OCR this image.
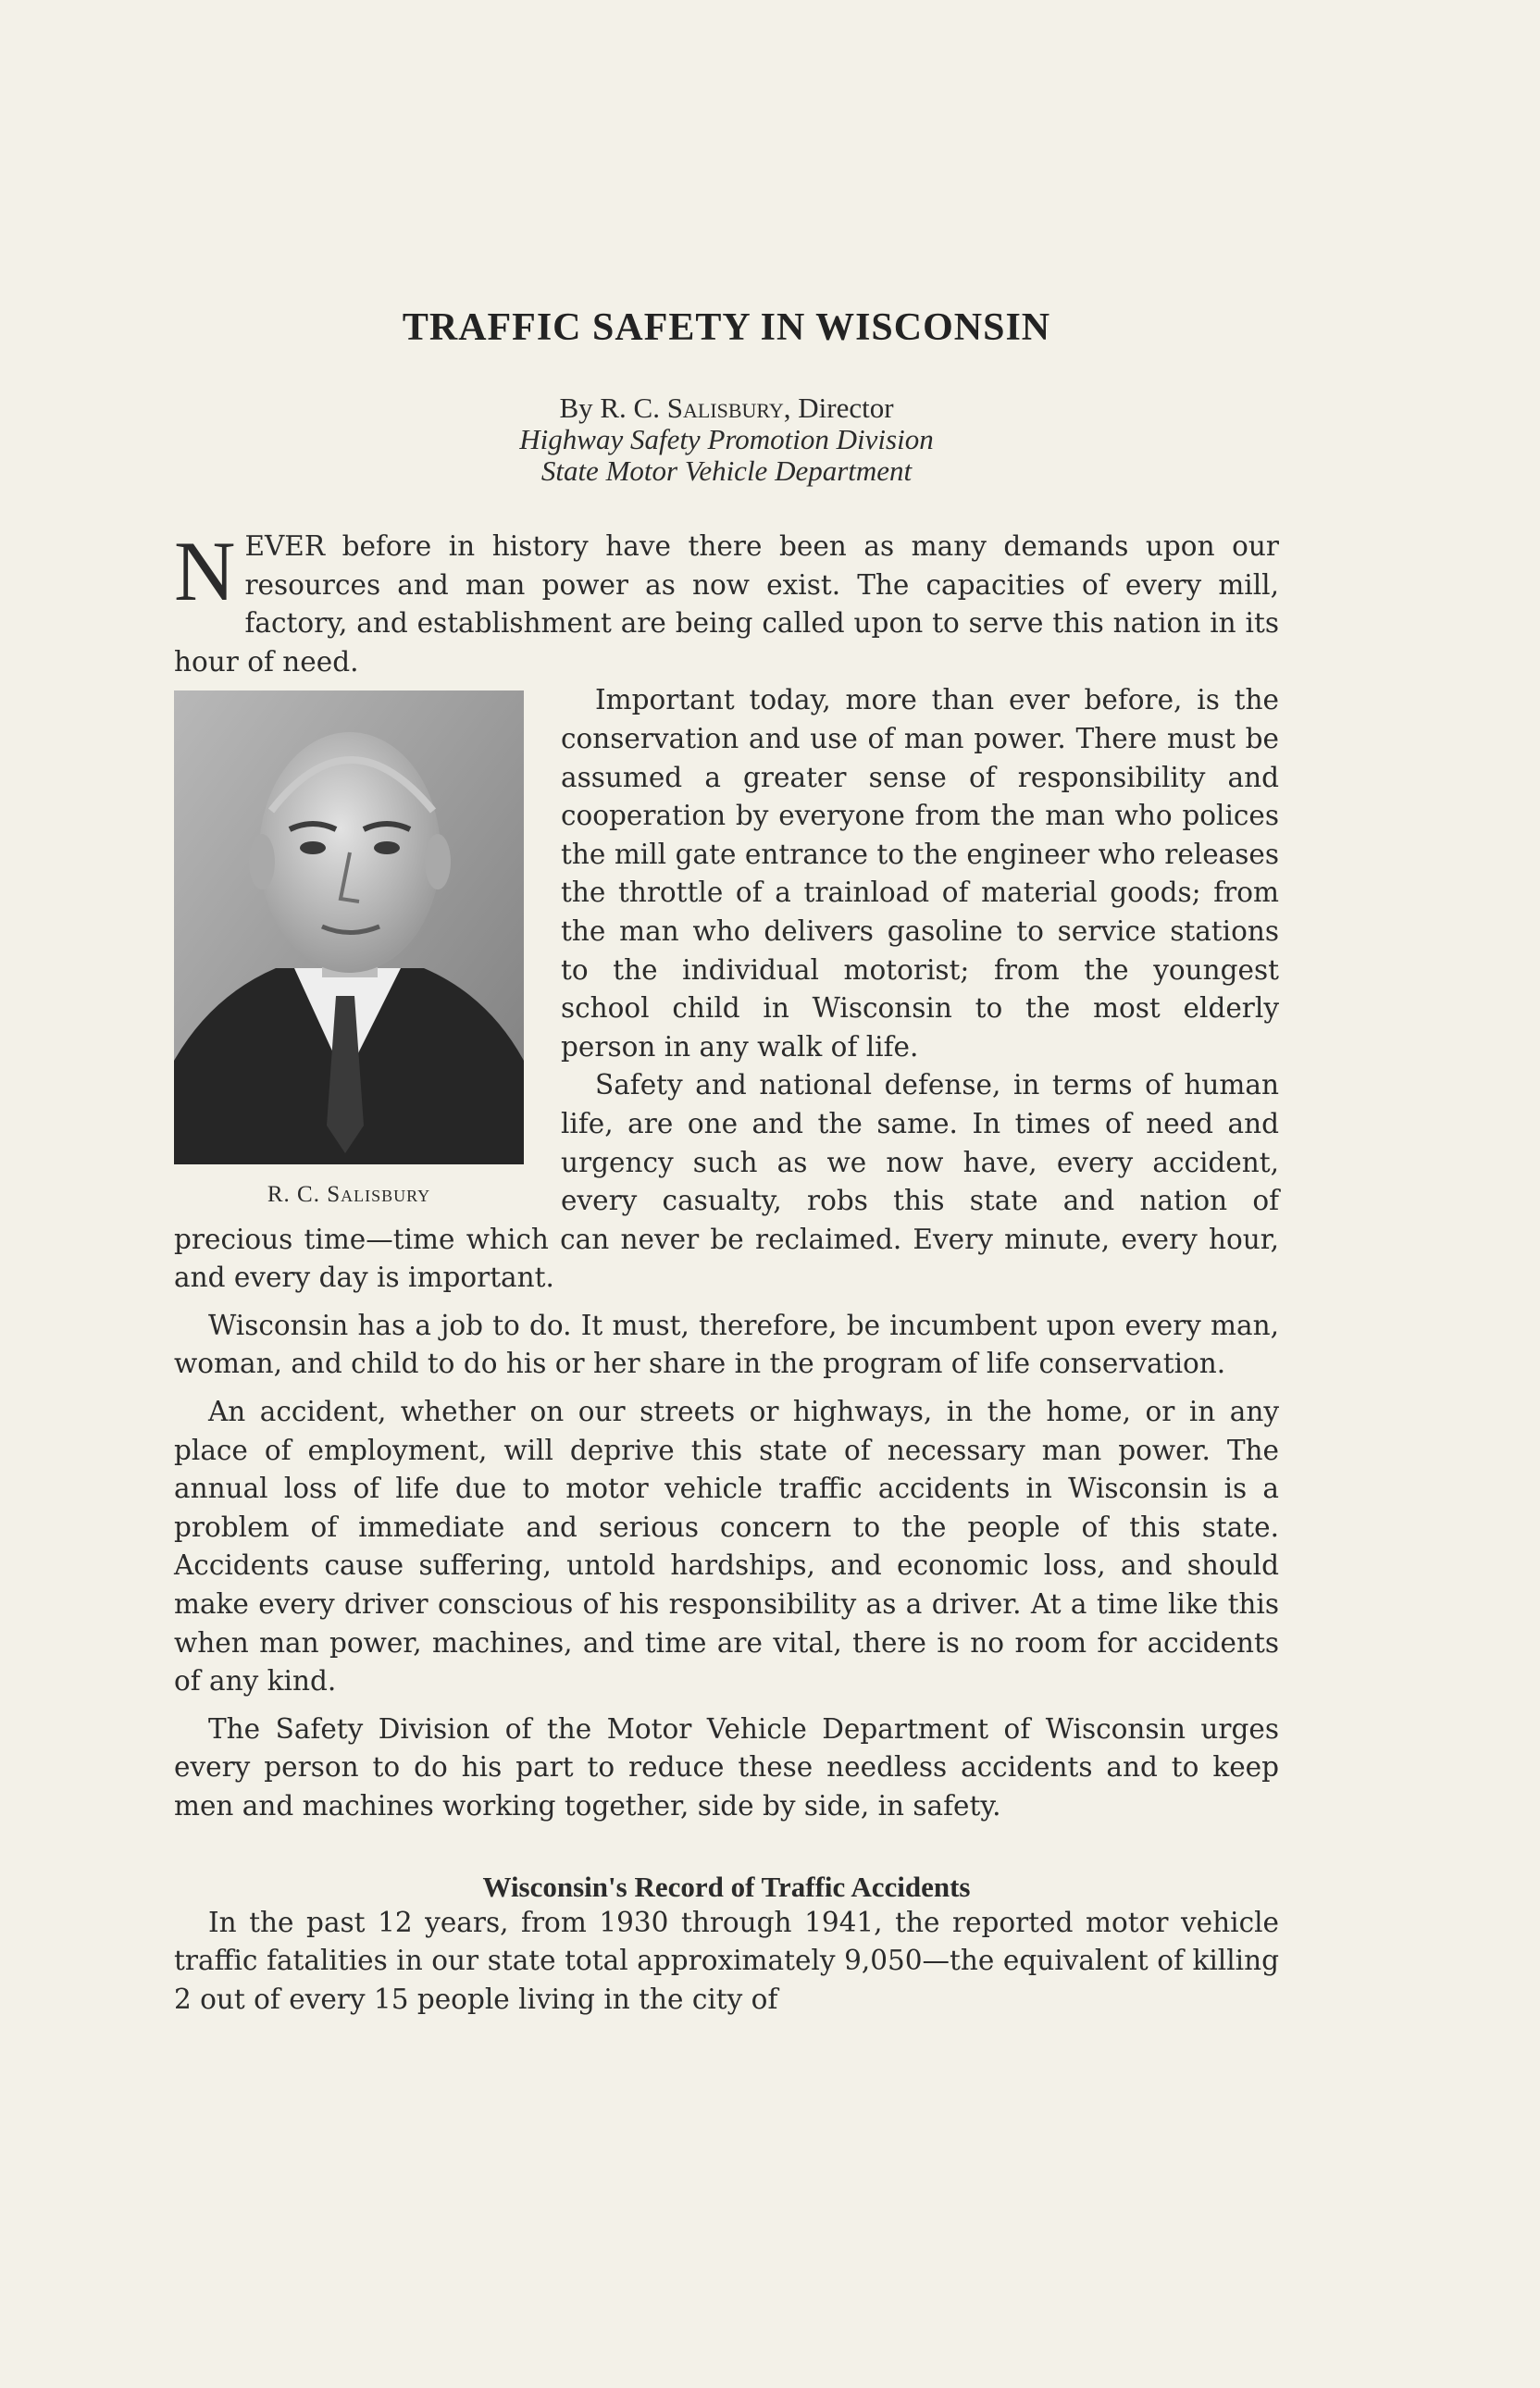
TRAFFIC SAFETY IN WISCONSIN
By R. C. Salisbury, Director
Highway Safety Promotion Division
State Motor Vehicle Department

NEVER before in history have there been as many demands upon our resources and man power as now exist. The capacities of every mill, factory, and establishment are being called upon to serve this nation in its hour of need.

R. C. Salisbury

Important today, more than ever before, is the conservation and use of man power. There must be assumed a greater sense of responsibility and cooperation by everyone from the man who polices the mill gate entrance to the engineer who releases the throttle of a trainload of material goods; from the man who delivers gasoline to service stations to the individual motorist; from the youngest school child in Wisconsin to the most elderly person in any walk of life.

Safety and national defense, in terms of human life, are one and the same. In times of need and urgency such as we now have, every accident, every casualty, robs this state and nation of precious time—time which can never be reclaimed. Every minute, every hour, and every day is important.

Wisconsin has a job to do. It must, therefore, be incumbent upon every man, woman, and child to do his or her share in the program of life conservation.

An accident, whether on our streets or highways, in the home, or in any place of employment, will deprive this state of necessary man power. The annual loss of life due to motor vehicle traffic accidents in Wisconsin is a problem of immediate and serious concern to the people of this state. Accidents cause suffering, untold hardships, and economic loss, and should make every driver conscious of his responsibility as a driver. At a time like this when man power, machines, and time are vital, there is no room for accidents of any kind.

The Safety Division of the Motor Vehicle Department of Wisconsin urges every person to do his part to reduce these needless accidents and to keep men and machines working together, side by side, in safety.

Wisconsin's Record of Traffic Accidents

In the past 12 years, from 1930 through 1941, the reported motor vehicle traffic fatalities in our state total approximately 9,050—the equivalent of killing 2 out of every 15 people living in the city of
